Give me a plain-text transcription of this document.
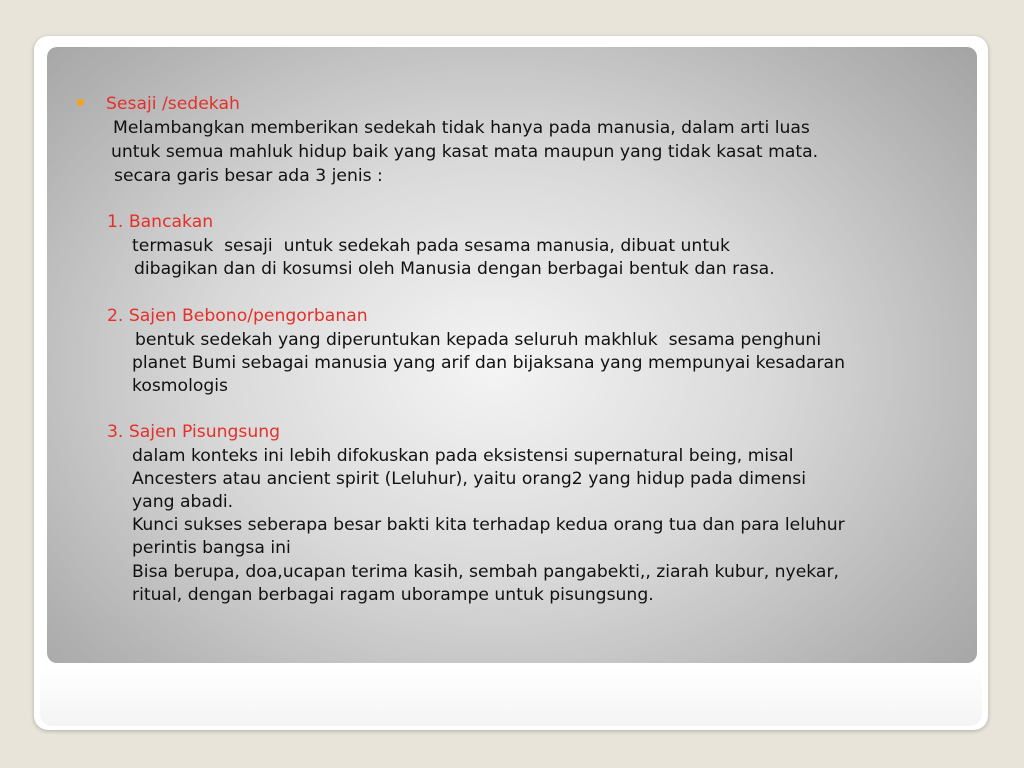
Sesaji /sedekah
Melambangkan memberikan sedekah tidak hanya pada manusia, dalam arti luas
untuk semua mahluk hidup baik yang kasat mata maupun yang tidak kasat mata.
secara garis besar ada 3 jenis :
1. Bancakan
termasuk  sesaji  untuk sedekah pada sesama manusia, dibuat untuk
dibagikan dan di kosumsi oleh Manusia dengan berbagai bentuk dan rasa.
2. Sajen Bebono/pengorbanan
bentuk sedekah yang diperuntukan kepada seluruh makhluk  sesama penghuni
planet Bumi sebagai manusia yang arif dan bijaksana yang mempunyai kesadaran
kosmologis
3. Sajen Pisungsung
dalam konteks ini lebih difokuskan pada eksistensi supernatural being, misal
Ancesters atau ancient spirit (Leluhur), yaitu orang2 yang hidup pada dimensi
yang abadi.
Kunci sukses seberapa besar bakti kita terhadap kedua orang tua dan para leluhur
perintis bangsa ini
Bisa berupa, doa,ucapan terima kasih, sembah pangabekti,, ziarah kubur, nyekar,
ritual, dengan berbagai ragam uborampe untuk pisungsung.
